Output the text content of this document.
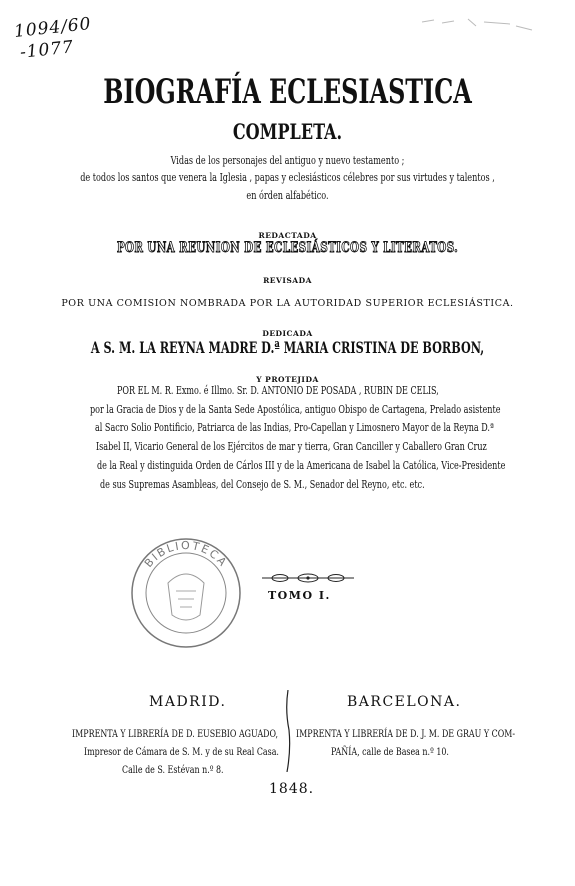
1094/60
-1077
BIOGRAFÍA ECLESIASTICA
COMPLETA.
Vidas de los personajes del antiguo y nuevo testamento ;
de todos los santos que venera la Iglesia , papas y eclesiásticos célebres por sus virtudes y talentos ,
en órden alfabético.
REDACTADA
POR UNA REUNION DE ECLESIÁSTICOS Y LITERATOS.
REVISADA
POR UNA COMISION NOMBRADA POR LA AUTORIDAD SUPERIOR ECLESIÁSTICA.
DEDICADA
A S. M. LA REYNA MADRE D.ª MARIA CRISTINA DE BORBON,
Y PROTEJIDA
POR EL M. R. Exmo. é Illmo. Sr. D. ANTONIO DE POSADA , RUBIN DE CELIS,
por la Gracia de Dios y de la Santa Sede Apostólica, antiguo Obispo de Cartagena, Prelado asistente
al Sacro Solio Pontificio, Patriarca de las Indias, Pro-Capellan y Limosnero Mayor de la Reyna D.ª
Isabel II, Vicario General de los Ejércitos de mar y tierra, Gran Canciller y Caballero Gran Cruz
de la Real y distinguida Orden de Cárlos III y de la Americana de Isabel la Católica, Vice-Presidente
de sus Supremas Asambleas, del Consejo de S. M., Senador del Reyno, etc. etc.
BIBLIOTECA
TOMO I.
MADRID.	BARCELONA.
IMPRENTA Y LIBRERÍA DE D. EUSEBIO AGUADO,
Impresor de Cámara de S. M. y de su Real Casa.
Calle de S. Estévan n.º 8.
IMPRENTA Y LIBRERÍA DE D. J. M. DE GRAU Y COM-
PAÑÍA, calle de Basea n.º 10.
1848.
